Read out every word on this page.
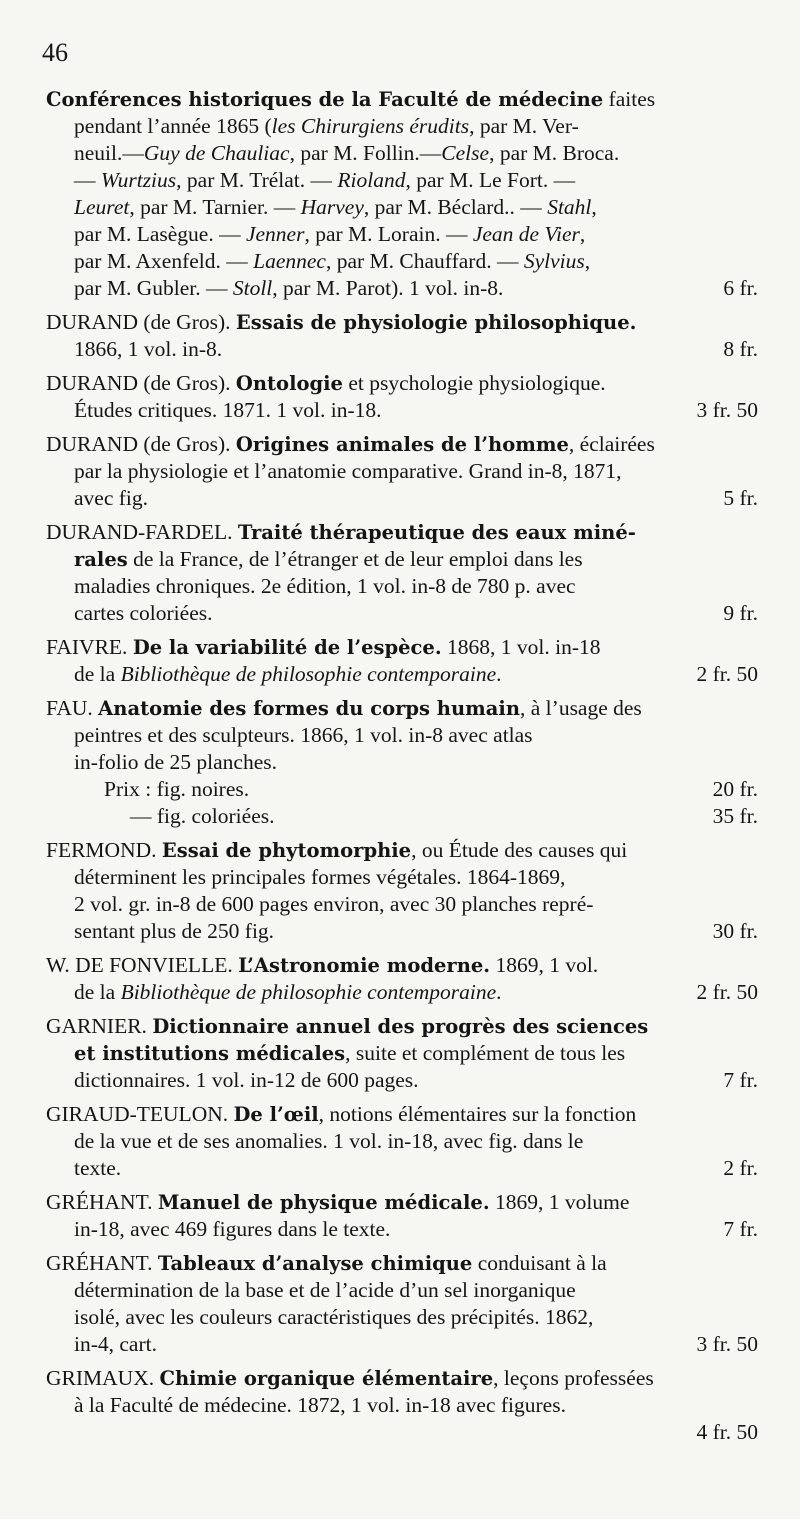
46
Conférences historiques de la Faculté de médecine faites
pendant l’année 1865 (les Chirurgiens érudits, par M. Ver-
neuil.—Guy de Chauliac, par M. Follin.—Celse, par M. Broca.
— Wurtzius, par M. Trélat. — Rioland, par M. Le Fort. —
Leuret, par M. Tarnier. — Harvey, par M. Béclard.. — Stahl,
par M. Lasègue. — Jenner, par M. Lorain. — Jean de Vier,
par M. Axenfeld. — Laennec, par M. Chauffard. — Sylvius,
par M. Gubler. — Stoll, par M. Parot). 1 vol. in-8.	6 fr.
DURAND (de Gros). Essais de physiologie philosophique.
1866, 1 vol. in-8.	8 fr.
DURAND (de Gros). Ontologie et psychologie physiologique.
Études critiques. 1871. 1 vol. in-18.	3 fr. 50
DURAND (de Gros). Origines animales de l’homme, éclairées
par la physiologie et l’anatomie comparative. Grand in-8, 1871,
avec fig.	5 fr.
DURAND-FARDEL. Traité thérapeutique des eaux miné-
rales de la France, de l’étranger et de leur emploi dans les
maladies chroniques. 2e édition, 1 vol. in-8 de 780 p. avec
cartes coloriées.	9 fr.
FAIVRE. De la variabilité de l’espèce. 1868, 1 vol. in-18
de la Bibliothèque de philosophie contemporaine.	2 fr. 50
FAU. Anatomie des formes du corps humain, à l’usage des
peintres et des sculpteurs. 1866, 1 vol. in-8 avec atlas
in-folio de 25 planches.
Prix : fig. noires.	20 fr.
— fig. coloriées.	35 fr.
FERMOND. Essai de phytomorphie, ou Étude des causes qui
déterminent les principales formes végétales. 1864-1869,
2 vol. gr. in-8 de 600 pages environ, avec 30 planches repré-
sentant plus de 250 fig.	30 fr.
W. DE FONVIELLE. L’Astronomie moderne. 1869, 1 vol.
de la Bibliothèque de philosophie contemporaine.	2 fr. 50
GARNIER. Dictionnaire annuel des progrès des sciences
et institutions médicales, suite et complément de tous les
dictionnaires. 1 vol. in-12 de 600 pages.	7 fr.
GIRAUD-TEULON. De l’œil, notions élémentaires sur la fonction
de la vue et de ses anomalies. 1 vol. in-18, avec fig. dans le
texte.	2 fr.
GRÉHANT. Manuel de physique médicale. 1869, 1 volume
in-18, avec 469 figures dans le texte.	7 fr.
GRÉHANT. Tableaux d’analyse chimique conduisant à la
détermination de la base et de l’acide d’un sel inorganique
isolé, avec les couleurs caractéristiques des précipités. 1862,
in-4, cart.	3 fr. 50
GRIMAUX. Chimie organique élémentaire, leçons professées
à la Faculté de médecine. 1872, 1 vol. in-18 avec figures.
4 fr. 50
